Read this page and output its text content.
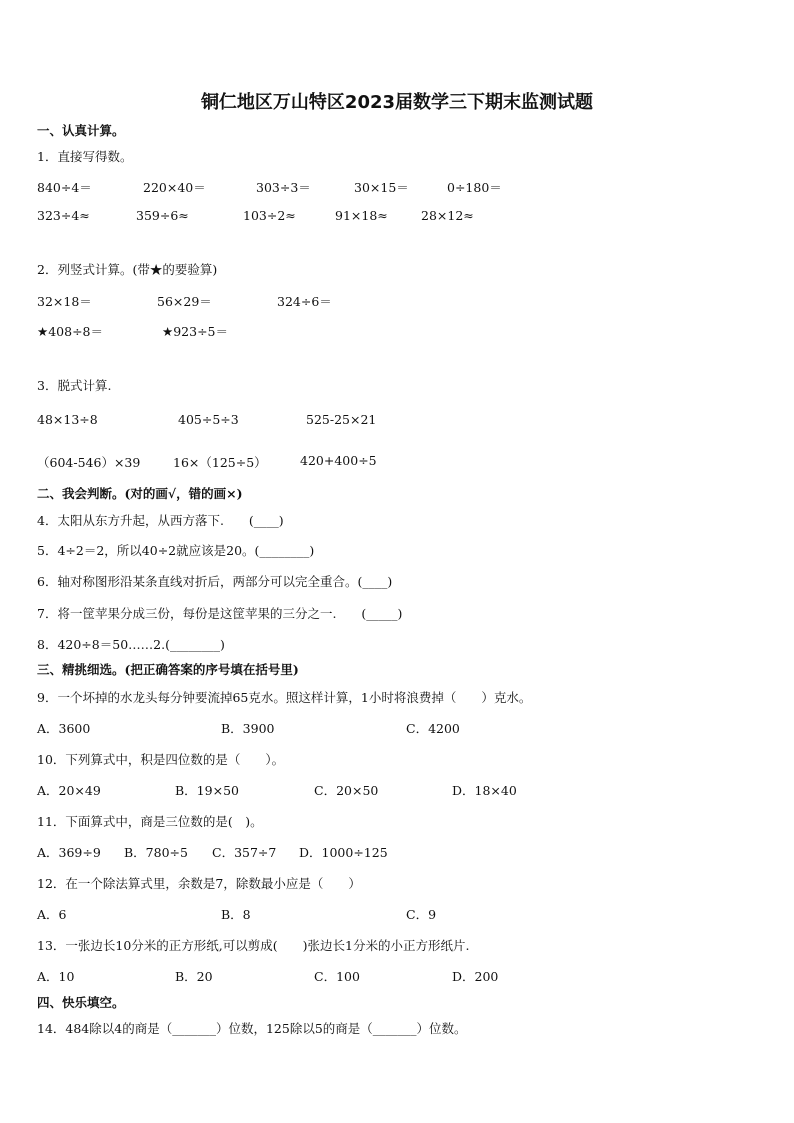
铜仁地区万山特区2023届数学三下期末监测试题
一、认真计算。
1．直接写得数。
840÷4＝	220×40＝	303÷3＝	30×15＝	0÷180＝
323÷4≈	359÷6≈	103÷2≈	91×18≈	28×12≈
2．列竖式计算。(带★的要验算)
32×18＝	56×29＝	324÷6＝
★408÷8＝	★923÷5＝
3．脱式计算.
48×13÷8	405÷5÷3	525-25×21
（604-546）×39	16×（125÷5）	420+400÷5
二、我会判断。(对的画√，错的画×)
4．太阳从东方升起，从西方落下.　　(____)
5．4÷2＝2，所以40÷2就应该是20。(________)
6．轴对称图形沿某条直线对折后，两部分可以完全重合。(____)
7．将一筐苹果分成三份，每份是这筐苹果的三分之一.　　(_____)
8．420÷8＝50……2.(________)
三、精挑细选。(把正确答案的序号填在括号里)
9．一个坏掉的水龙头每分钟要流掉65克水。照这样计算，1小时将浪费掉（　　）克水。
A．3600	B．3900	C．4200
10．下列算式中，积是四位数的是（　　）。
A．20×49	B．19×50	C．20×50	D．18×40
11．下面算式中，商是三位数的是(　)。
A．369÷9 B．780÷5 C．357÷7 D．1000÷125
12．在一个除法算式里，余数是7，除数最小应是（　　）
A．6	B．8	C．9
13．一张边长10分米的正方形纸,可以剪成(　　)张边长1分米的小正方形纸片.
A．10	B．20	C．100	D．200
四、快乐填空。
14．484除以4的商是（_______）位数，125除以5的商是（_______）位数。
